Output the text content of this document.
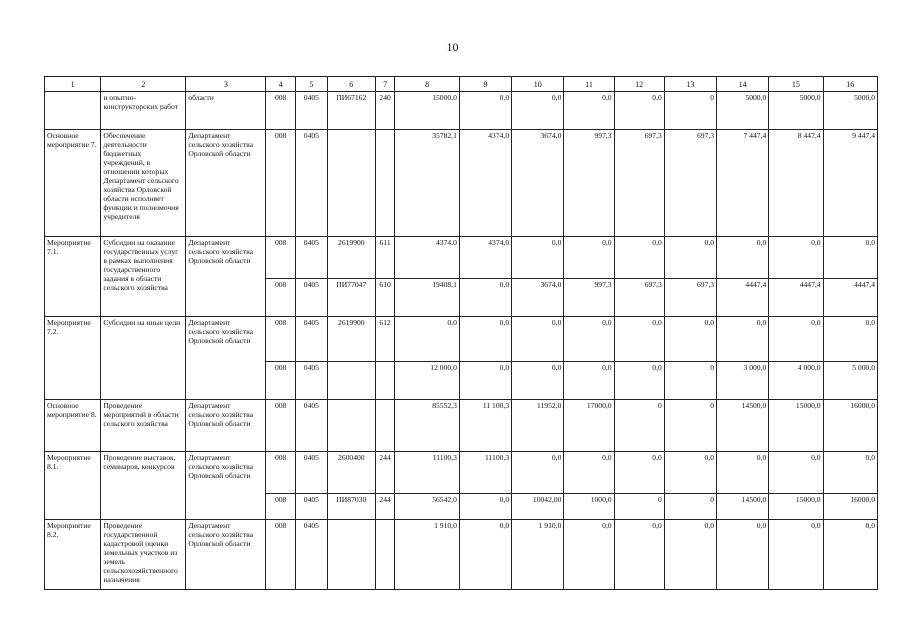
10
1	2	3	4	5	6	7	8	9	10	11	12	13	14	15	16
	и опытно-конструкторских работ	области	008	0405	ПИ67162	240	15000,0	0,0	0,0	0,0	0,0	0	5000,0	5000,0	5000,0
Основное мероприятие 7.	Обеспечение деятельности бюджетных учреждений, в отношении которых Департамент сельского хозяйства Орловской области исполняет функции и полномочия учредителя	Департамент сельского хозяйства Орловской области	008	0405			35782,1	4374,0	3674,0	997,3	697,3	697,3	7 447,4	8 447,4	9 447,4
Мероприятие 7.1.	Субсидии на оказание государственных услуг в рамках выполнения государственного задания в области сельского хозяйства	Департамент сельского хозяйства Орловской области	008	0405	2619900	611	4374,0	4374,0	0,0	0,0	0,0	0,0	0,0	0,0	0,0
			008	0405	ПИ77047	610	19408,1	0,0	3674,0	997,3	697,3	697,3	4447,4	4447,4	4447,4
Мероприятие 7.2.	Субсидии на иные цели	Департамент сельского хозяйства Орловской области	008	0405	2619900	612	0,0	0,0	0,0	0,0	0,0	0,0	0,0	0,0	0,0
			008	0405			12 000,0	0,0	0,0	0,0	0,0	0	3 000,0	4 000,0	5 000,0
Основное мероприятие 8.	Проведение мероприятий в области сельского хозяйства	Департамент сельского хозяйства Орловской области	008	0405			85552,3	11 100,3	11952,0	17000,0	0	0	14500,0	15000,0	16000,0
Мероприятие 8.1.	Проведение выставок, семинаров, конкурсов	Департамент сельского хозяйства Орловской области	008	0405	2600400	244	11100,3	11100,3	0,0	0,0	0,0	0,0	0,0	0,0	0,0
			008	0405	ПИ87030	244	56542,0	0,0	10042,00	1000,0	0	0	14500,0	15000,0	16000,0
Мероприятие 8.2.	Проведение государственной кадастровой оценки земельных участков из земель сельскохозяйственного назначения	Департамент сельского хозяйства Орловской области	008	0405			1 910,0	0,0	1 910,0	0,0	0,0	0,0	0,0	0,0	0,0
